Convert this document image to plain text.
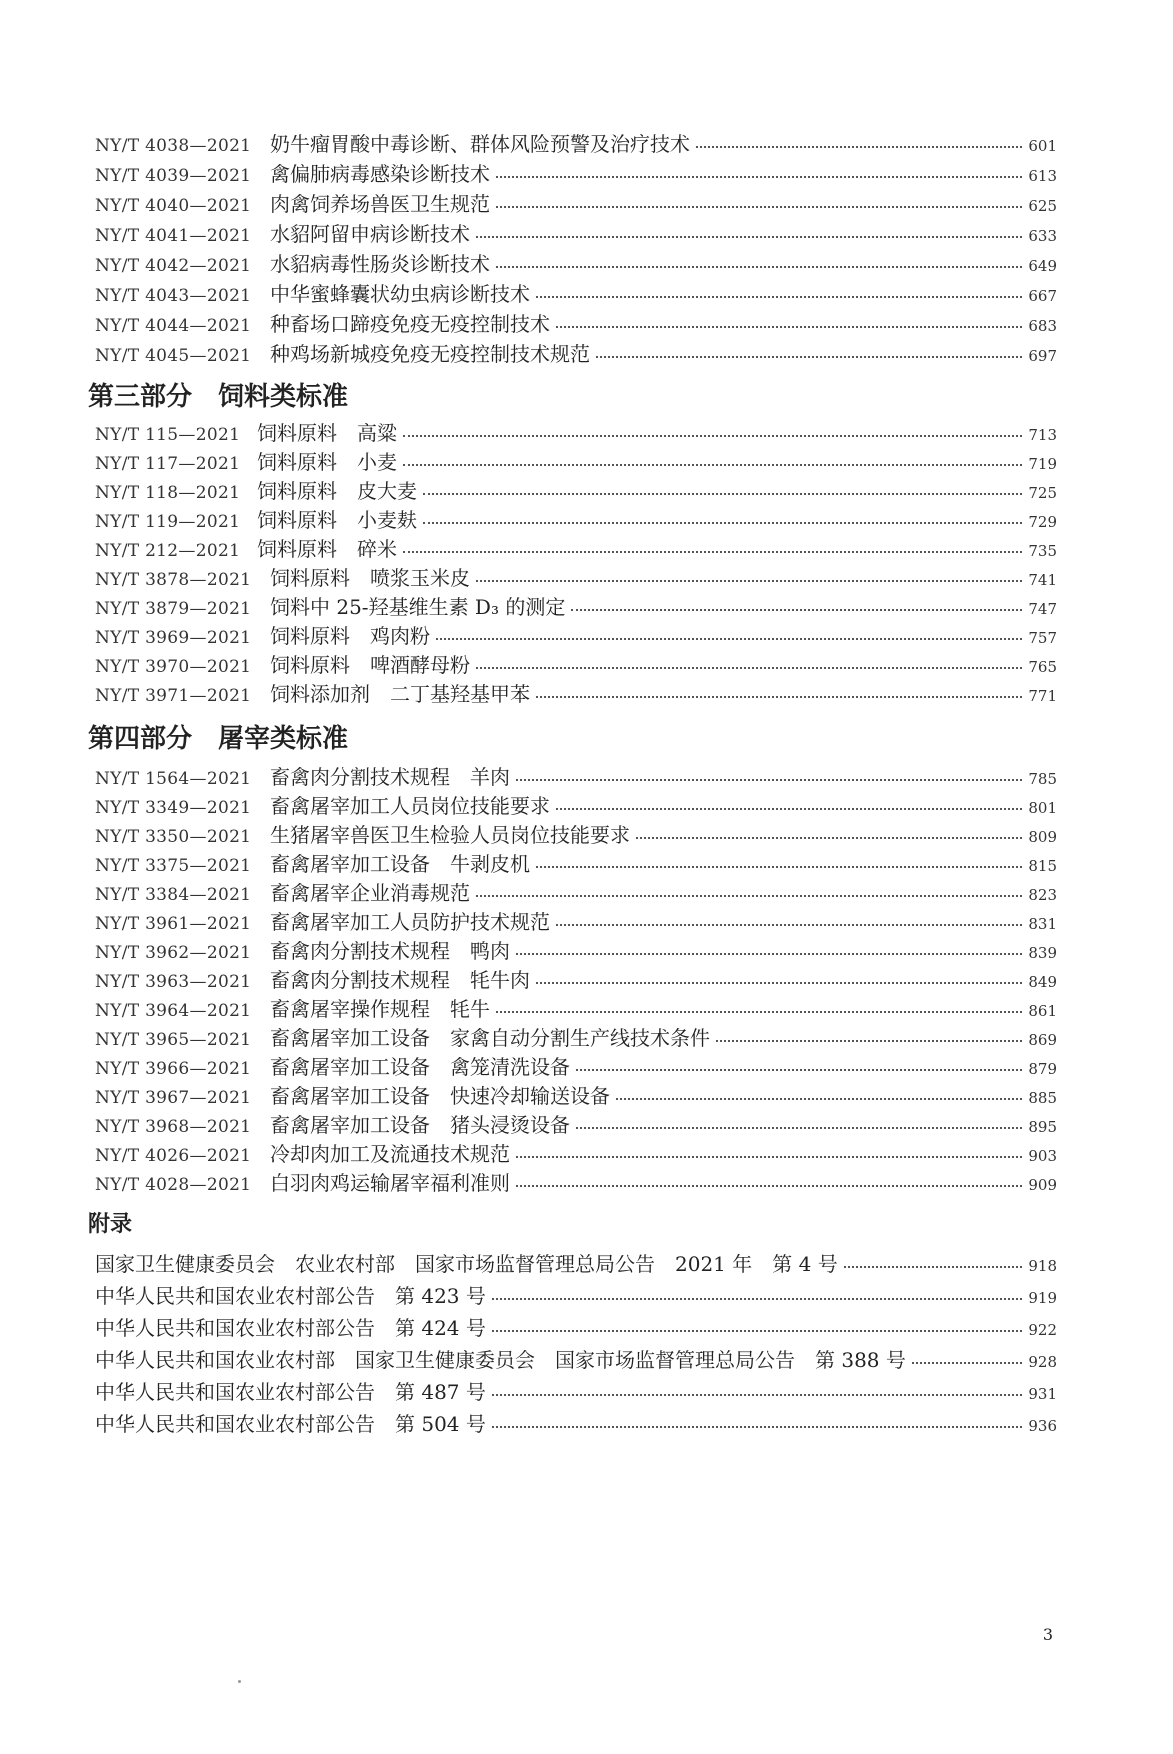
NY/T 4038—2021 奶牛瘤胃酸中毒诊断、群体风险预警及治疗技术	601
NY/T 4039—2021 禽偏肺病毒感染诊断技术	613
NY/T 4040—2021 肉禽饲养场兽医卫生规范	625
NY/T 4041—2021 水貂阿留申病诊断技术	633
NY/T 4042—2021 水貂病毒性肠炎诊断技术	649
NY/T 4043—2021 中华蜜蜂囊状幼虫病诊断技术	667
NY/T 4044—2021 种畜场口蹄疫免疫无疫控制技术	683
NY/T 4045—2021 种鸡场新城疫免疫无疫控制技术规范	697
第三部分　饲料类标准
NY/T 115—2021 饲料原料　高粱	713
NY/T 117—2021 饲料原料　小麦	719
NY/T 118—2021 饲料原料　皮大麦	725
NY/T 119—2021 饲料原料　小麦麸	729
NY/T 212—2021 饲料原料　碎米	735
NY/T 3878—2021 饲料原料　喷浆玉米皮	741
NY/T 3879—2021 饲料中 25-羟基维生素 D₃ 的测定	747
NY/T 3969—2021 饲料原料　鸡肉粉	757
NY/T 3970—2021 饲料原料　啤酒酵母粉	765
NY/T 3971—2021 饲料添加剂　二丁基羟基甲苯	771
第四部分　屠宰类标准
NY/T 1564—2021 畜禽肉分割技术规程　羊肉	785
NY/T 3349—2021 畜禽屠宰加工人员岗位技能要求	801
NY/T 3350—2021 生猪屠宰兽医卫生检验人员岗位技能要求	809
NY/T 3375—2021 畜禽屠宰加工设备　牛剥皮机	815
NY/T 3384—2021 畜禽屠宰企业消毒规范	823
NY/T 3961—2021 畜禽屠宰加工人员防护技术规范	831
NY/T 3962—2021 畜禽肉分割技术规程　鸭肉	839
NY/T 3963—2021 畜禽肉分割技术规程　牦牛肉	849
NY/T 3964—2021 畜禽屠宰操作规程　牦牛	861
NY/T 3965—2021 畜禽屠宰加工设备　家禽自动分割生产线技术条件	869
NY/T 3966—2021 畜禽屠宰加工设备　禽笼清洗设备	879
NY/T 3967—2021 畜禽屠宰加工设备　快速冷却输送设备	885
NY/T 3968—2021 畜禽屠宰加工设备　猪头浸烫设备	895
NY/T 4026—2021 冷却肉加工及流通技术规范	903
NY/T 4028—2021 白羽肉鸡运输屠宰福利准则	909
附录
国家卫生健康委员会　农业农村部　国家市场监督管理总局公告　2021 年　第 4 号	918
中华人民共和国农业农村部公告　第 423 号	919
中华人民共和国农业农村部公告　第 424 号	922
中华人民共和国农业农村部　国家卫生健康委员会　国家市场监督管理总局公告　第 388 号	928
中华人民共和国农业农村部公告　第 487 号	931
中华人民共和国农业农村部公告　第 504 号	936
3
